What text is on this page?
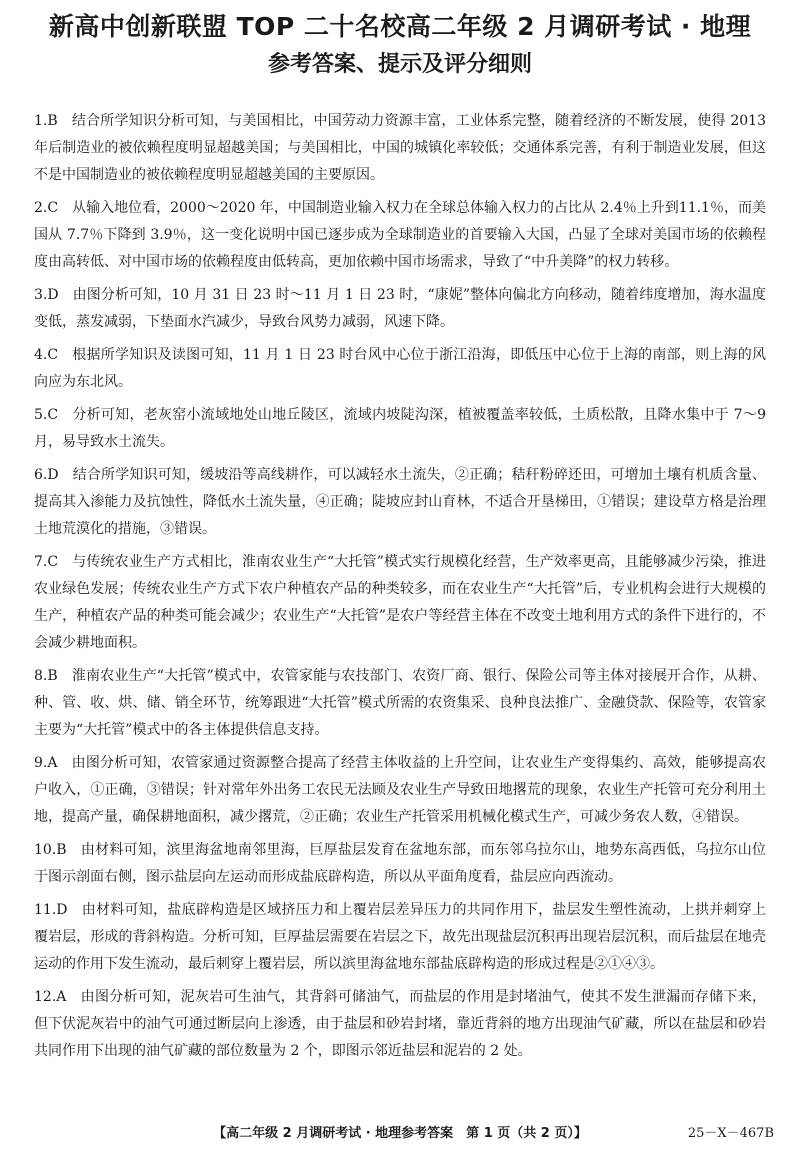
新高中创新联盟 TOP 二十名校高二年级 2 月调研考试 · 地理
参考答案、提示及评分细则

1.B 结合所学知识分析可知，与美国相比，中国劳动力资源丰富，工业体系完整，随着经济的不断发展，使得 2013 年后制造业的被依赖程度明显超越美国；与美国相比，中国的城镇化率较低；交通体系完善，有利于制造业发展，但这不是中国制造业的被依赖程度明显超越美国的主要原因。

2.C 从输入地位看，2000～2020 年，中国制造业输入权力在全球总体输入权力的占比从 2.4％上升到11.1％，而美国从 7.7％下降到 3.9％，这一变化说明中国已逐步成为全球制造业的首要输入大国，凸显了全球对美国市场的依赖程度由高转低、对中国市场的依赖程度由低转高，更加依赖中国市场需求，导致了“中升美降”的权力转移。

3.D 由图分析可知，10 月 31 日 23 时～11 月 1 日 23 时，“康妮”整体向偏北方向移动，随着纬度增加，海水温度变低，蒸发减弱，下垫面水汽减少，导致台风势力减弱，风速下降。

4.C 根据所学知识及读图可知，11 月 1 日 23 时台风中心位于浙江沿海，即低压中心位于上海的南部，则上海的风向应为东北风。

5.C 分析可知，老灰窑小流域地处山地丘陵区，流域内坡陡沟深，植被覆盖率较低，土质松散，且降水集中于 7～9 月，易导致水土流失。

6.D 结合所学知识可知，缓坡沿等高线耕作，可以减轻水土流失，②正确；秸秆粉碎还田，可增加土壤有机质含量、提高其入渗能力及抗蚀性，降低水土流失量，④正确；陡坡应封山育林，不适合开垦梯田，①错误；建设草方格是治理土地荒漠化的措施，③错误。

7.C 与传统农业生产方式相比，淮南农业生产“大托管”模式实行规模化经营，生产效率更高，且能够减少污染，推进农业绿色发展；传统农业生产方式下农户种植农产品的种类较多，而在农业生产“大托管”后，专业机构会进行大规模的生产，种植农产品的种类可能会减少；农业生产“大托管”是农户等经营主体在不改变土地利用方式的条件下进行的，不会减少耕地面积。

8.B 淮南农业生产“大托管”模式中，农管家能与农技部门、农资厂商、银行、保险公司等主体对接展开合作，从耕、种、管、收、烘、储、销全环节，统筹跟进“大托管”模式所需的农资集采、良种良法推广、金融贷款、保险等，农管家主要为“大托管”模式中的各主体提供信息支持。

9.A 由图分析可知，农管家通过资源整合提高了经营主体收益的上升空间，让农业生产变得集约、高效，能够提高农户收入，①正确，③错误；针对常年外出务工农民无法顾及农业生产导致田地撂荒的现象，农业生产托管可充分利用土地，提高产量，确保耕地面积，减少撂荒，②正确；农业生产托管采用机械化模式生产，可减少务农人数，④错误。

10.B 由材料可知，滨里海盆地南邻里海，巨厚盐层发育在盆地东部，而东邻乌拉尔山，地势东高西低，乌拉尔山位于图示剖面右侧，图示盐层向左运动而形成盐底辟构造，所以从平面角度看，盐层应向西流动。

11.D 由材料可知，盐底辟构造是区域挤压力和上覆岩层差异压力的共同作用下，盐层发生塑性流动，上拱并刺穿上覆岩层，形成的背斜构造。分析可知，巨厚盐层需要在岩层之下，故先出现盐层沉积再出现岩层沉积，而后盐层在地壳运动的作用下发生流动，最后刺穿上覆岩层，所以滨里海盆地东部盐底辟构造的形成过程是②①④③。

12.A 由图分析可知，泥灰岩可生油气，其背斜可储油气，而盐层的作用是封堵油气，使其不发生泄漏而存储下来，但下伏泥灰岩中的油气可通过断层向上渗透，由于盐层和砂岩封堵，靠近背斜的地方出现油气矿藏，所以在盐层和砂岩共同作用下出现的油气矿藏的部位数量为 2 个，即图示邻近盐层和泥岩的 2 处。

【高二年级 2 月调研考试 · 地理参考答案　第 1 页（共 2 页）】	25－X－467B
